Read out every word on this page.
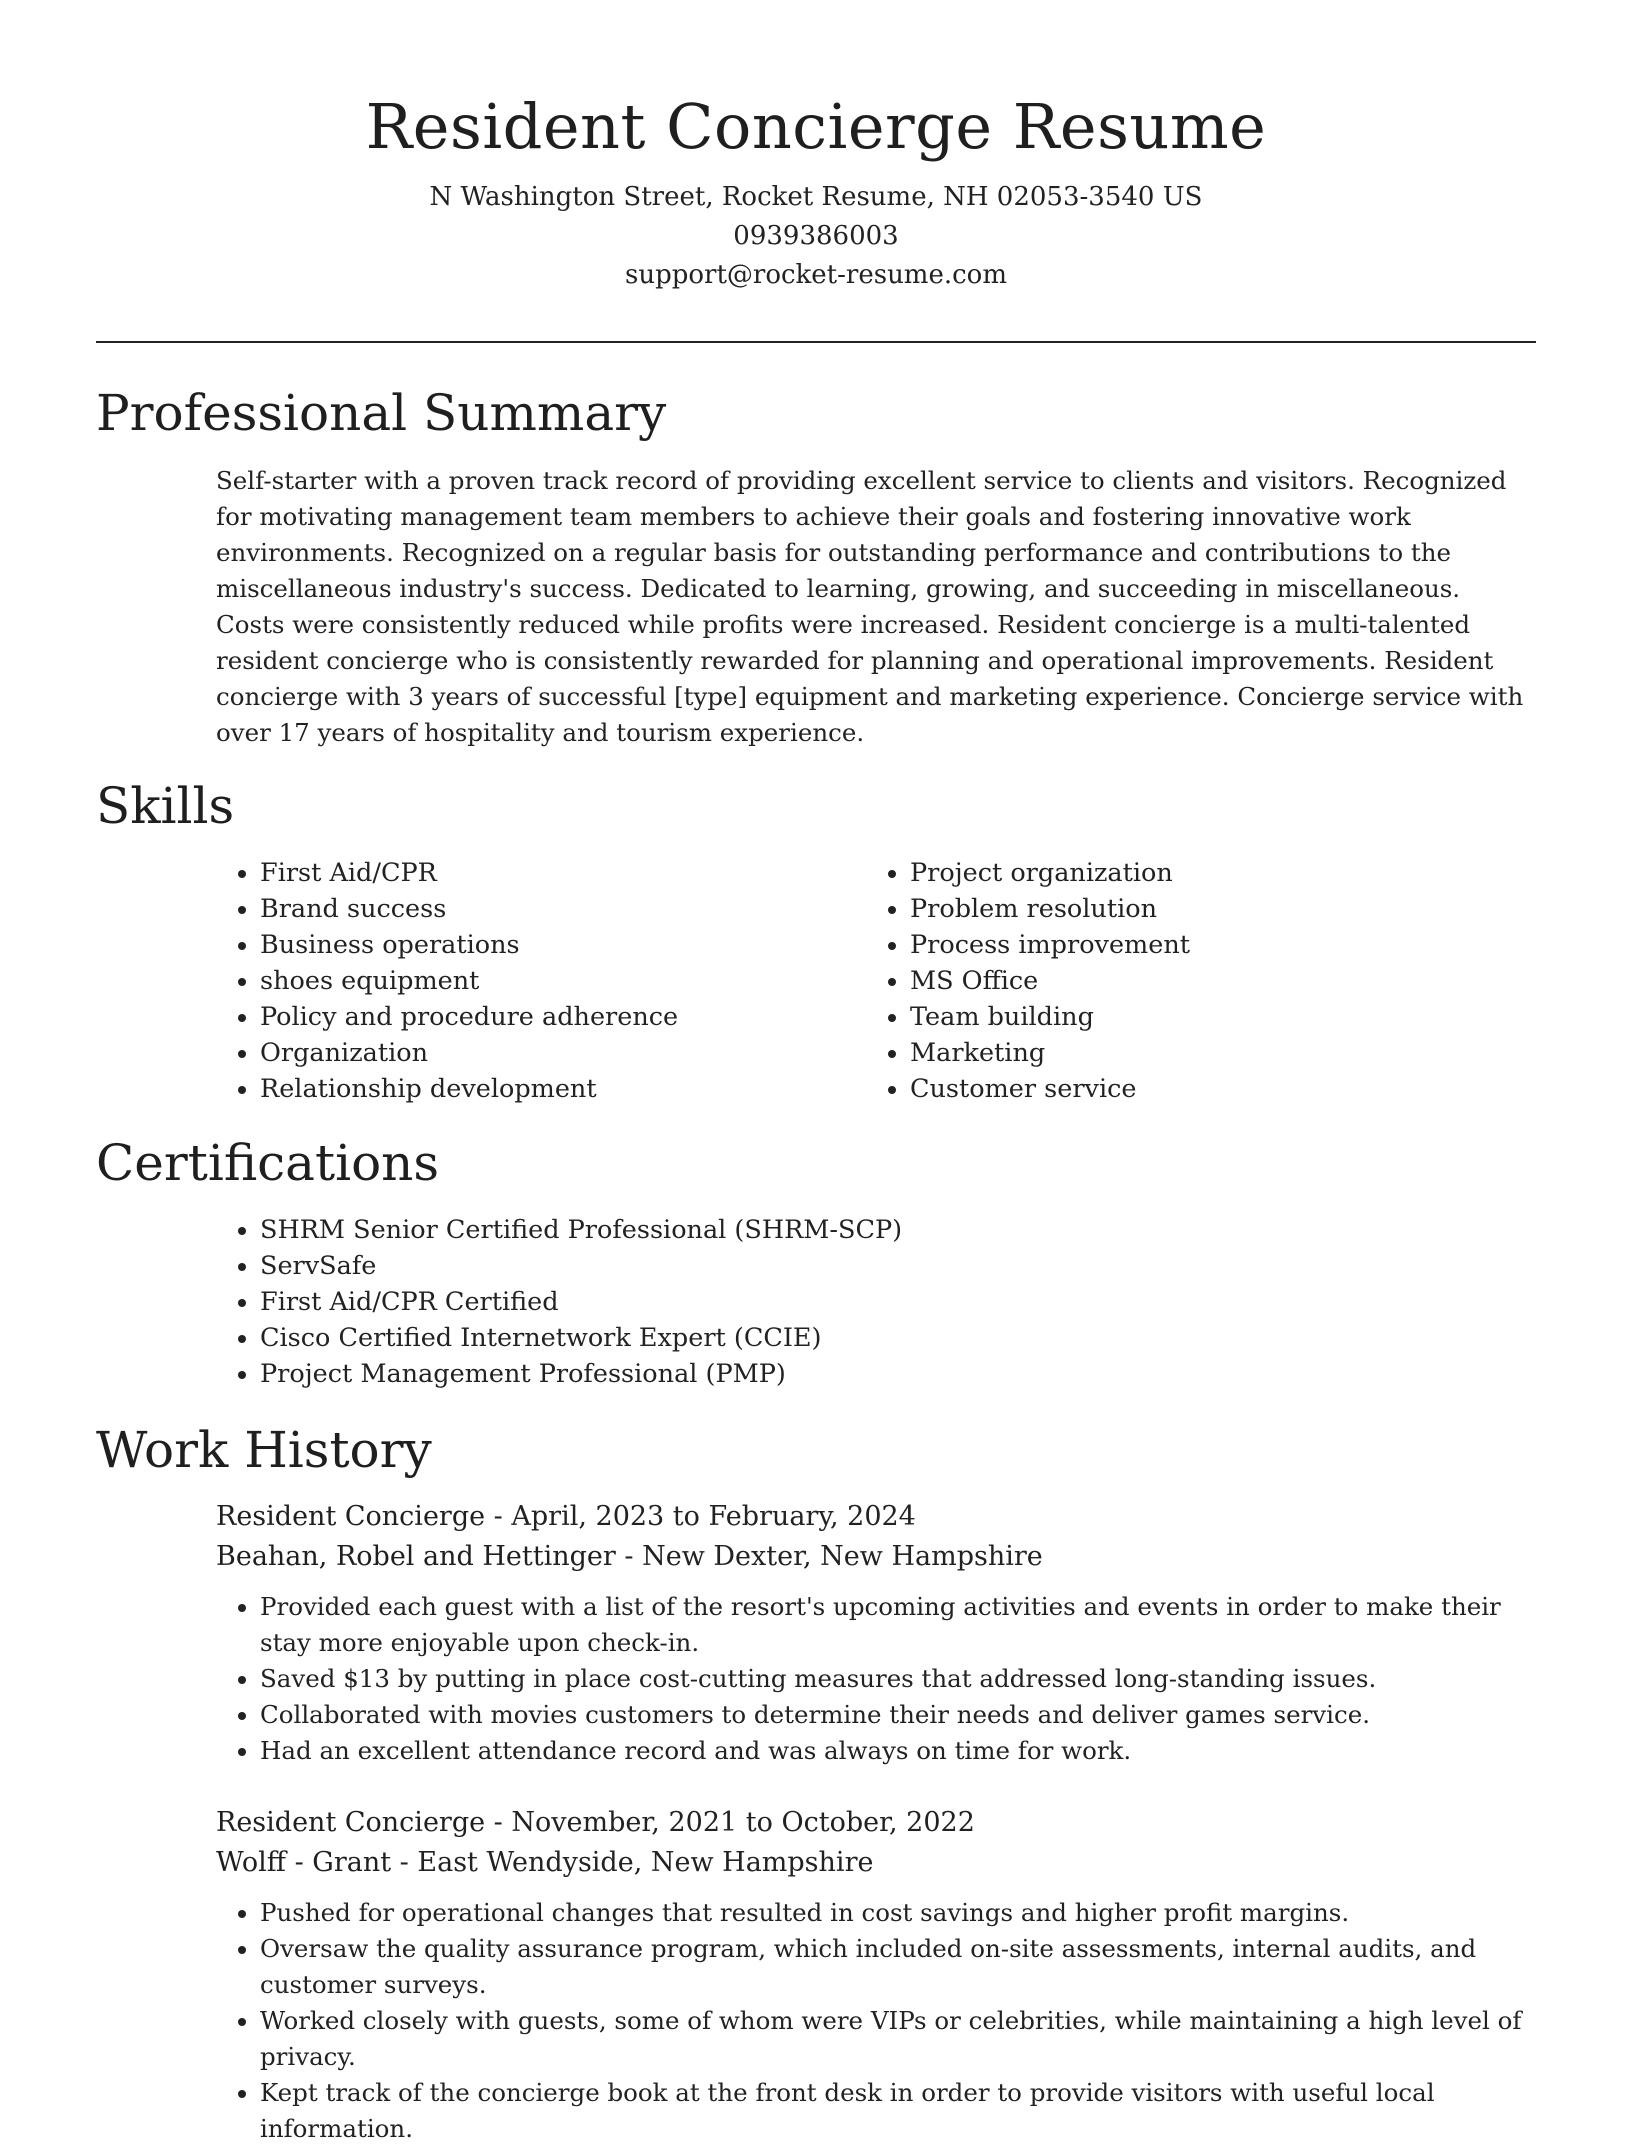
Resident Concierge Resume
N Washington Street, Rocket Resume, NH 02053-3540 US
0939386003
support@rocket-resume.com
Professional Summary

Self-starter with a proven track record of providing excellent service to clients and visitors. Recognized for motivating management team members to achieve their goals and fostering innovative work environments. Recognized on a regular basis for outstanding performance and contributions to the miscellaneous industry's success. Dedicated to learning, growing, and succeeding in miscellaneous. Costs were consistently reduced while profits were increased. Resident concierge is a multi-talented resident concierge who is consistently rewarded for planning and operational improvements. Resident concierge with 3 years of successful [type] equipment and marketing experience. Concierge service with over 17 years of hospitality and tourism experience.

Skills
• First Aid/CPR
• Brand success
• Business operations
• shoes equipment
• Policy and procedure adherence
• Organization
• Relationship development
• Project organization
• Problem resolution
• Process improvement
• MS Office
• Team building
• Marketing
• Customer service
Certifications
• SHRM Senior Certified Professional (SHRM-SCP)
• ServSafe
• First Aid/CPR Certified
• Cisco Certified Internetwork Expert (CCIE)
• Project Management Professional (PMP)
Work History
Resident Concierge - April, 2023 to February, 2024
Beahan, Robel and Hettinger - New Dexter, New Hampshire
• Provided each guest with a list of the resort's upcoming activities and events in order to make their stay more enjoyable upon check-in.
• Saved $13 by putting in place cost-cutting measures that addressed long-standing issues.
• Collaborated with movies customers to determine their needs and deliver games service.
• Had an excellent attendance record and was always on time for work.
Resident Concierge - November, 2021 to October, 2022
Wolff - Grant - East Wendyside, New Hampshire
• Pushed for operational changes that resulted in cost savings and higher profit margins.
• Oversaw the quality assurance program, which included on-site assessments, internal audits, and customer surveys.
• Worked closely with guests, some of whom were VIPs or celebrities, while maintaining a high level of privacy.
• Kept track of the concierge book at the front desk in order to provide visitors with useful local information.
